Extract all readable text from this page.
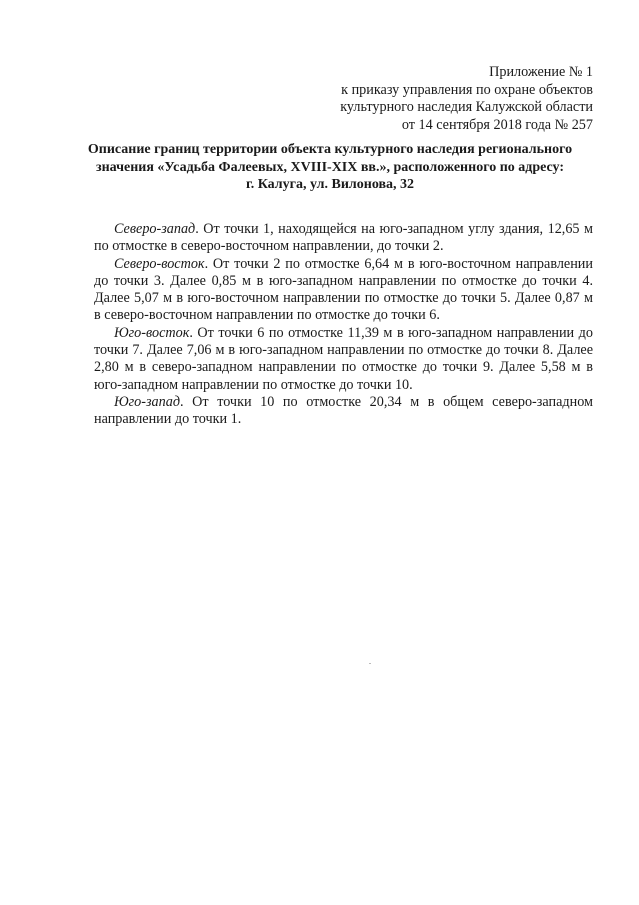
Приложение № 1
к приказу управления по охране объектов
культурного наследия Калужской области
от 14 сентября 2018 года № 257
Описание границ территории объекта культурного наследия регионального
значения «Усадьба Фалеевых, XVIII-XIX вв.», расположенного по адресу:
г. Калуга, ул. Вилонова, 32

Северо-запад. От точки 1, находящейся на юго-западном углу здания, 12,65 м по отмостке в северо-восточном направлении, до точки 2.

Северо-восток. От точки 2 по отмостке 6,64 м в юго-восточном направлении до точки 3. Далее 0,85 м в юго-западном направлении по отмостке до точки 4. Далее 5,07 м в юго-восточном направлении по отмостке до точки 5. Далее 0,87 м в северо-восточном направлении по отмостке до точки 6.

Юго-восток. От точки 6 по отмостке 11,39 м в юго-западном направлении до точки 7. Далее 7,06 м в юго-западном направлении по отмостке до точки 8. Далее 2,80 м в северо-западном направлении по отмостке до точки 9. Далее 5,58 м в юго-западном направлении по отмостке до точки 10.

Юго-запад. От точки 10 по отмостке 20,34 м в общем северо-западном направлении до точки 1.
